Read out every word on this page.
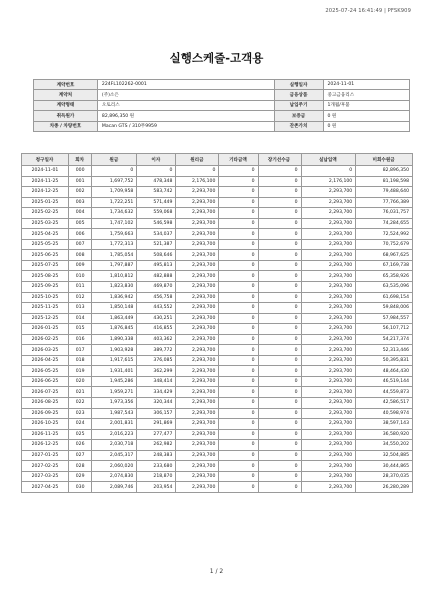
2025-07-24 16:41:49 | PFSK909
실행스케줄-고객용
계약번호	224FL102262-0001	실행일자	2024-11-01
계약처	(주)소은	금융상품	중고금융리스
계약형태	오토리스	납입주기	1개월/후불
취득원가	82,896,350 원	보증금	0 원
차종 / 차량번호	Macan GTS / 310무9959	잔존가치	0 원
청구일자	회차	원금	이자	원리금	기타금액	장기선수금	실납입액	미회수원금
2024-11-01	000	0	0	0	0	0	0	82,896,350
2024-11-25	001	1,697,752	478,348	2,176,100	0	0	2,176,100	81,198,598
2024-12-25	002	1,709,958	583,742	2,293,700	0	0	2,293,700	79,488,640
2025-01-25	003	1,722,251	571,449	2,293,700	0	0	2,293,700	77,766,389
2025-02-25	004	1,734,632	559,068	2,293,700	0	0	2,293,700	76,031,757
2025-03-25	005	1,747,102	546,598	2,293,700	0	0	2,293,700	74,284,655
2025-04-25	006	1,759,663	534,037	2,293,700	0	0	2,293,700	72,524,992
2025-05-25	007	1,772,313	521,387	2,293,700	0	0	2,293,700	70,752,679
2025-06-25	008	1,785,054	508,646	2,293,700	0	0	2,293,700	68,967,625
2025-07-25	009	1,797,887	495,813	2,293,700	0	0	2,293,700	67,169,738
2025-08-25	010	1,810,812	482,888	2,293,700	0	0	2,293,700	65,358,926
2025-09-25	011	1,823,830	469,870	2,293,700	0	0	2,293,700	63,535,096
2025-10-25	012	1,836,942	456,758	2,293,700	0	0	2,293,700	61,698,154
2025-11-25	013	1,850,148	443,552	2,293,700	0	0	2,293,700	59,848,006
2025-12-25	014	1,863,449	430,251	2,293,700	0	0	2,293,700	57,984,557
2026-01-25	015	1,876,845	416,855	2,293,700	0	0	2,293,700	56,107,712
2026-02-25	016	1,890,338	403,362	2,293,700	0	0	2,293,700	54,217,374
2026-03-25	017	1,903,928	389,772	2,293,700	0	0	2,293,700	52,313,446
2026-04-25	018	1,917,615	376,085	2,293,700	0	0	2,293,700	50,395,831
2026-05-25	019	1,931,401	362,299	2,293,700	0	0	2,293,700	48,464,430
2026-06-25	020	1,945,286	348,414	2,293,700	0	0	2,293,700	46,519,144
2026-07-25	021	1,959,271	334,429	2,293,700	0	0	2,293,700	44,559,873
2026-08-25	022	1,973,356	320,344	2,293,700	0	0	2,293,700	42,586,517
2026-09-25	023	1,987,543	306,157	2,293,700	0	0	2,293,700	40,598,974
2026-10-25	024	2,001,831	291,869	2,293,700	0	0	2,293,700	38,597,143
2026-11-25	025	2,016,223	277,477	2,293,700	0	0	2,293,700	36,580,920
2026-12-25	026	2,030,718	262,982	2,293,700	0	0	2,293,700	34,550,202
2027-01-25	027	2,045,317	248,383	2,293,700	0	0	2,293,700	32,504,885
2027-02-25	028	2,060,020	233,680	2,293,700	0	0	2,293,700	30,444,865
2027-03-25	029	2,074,830	218,870	2,293,700	0	0	2,293,700	28,370,035
2027-04-25	030	2,089,746	203,954	2,293,700	0	0	2,293,700	26,280,289
1 / 2
